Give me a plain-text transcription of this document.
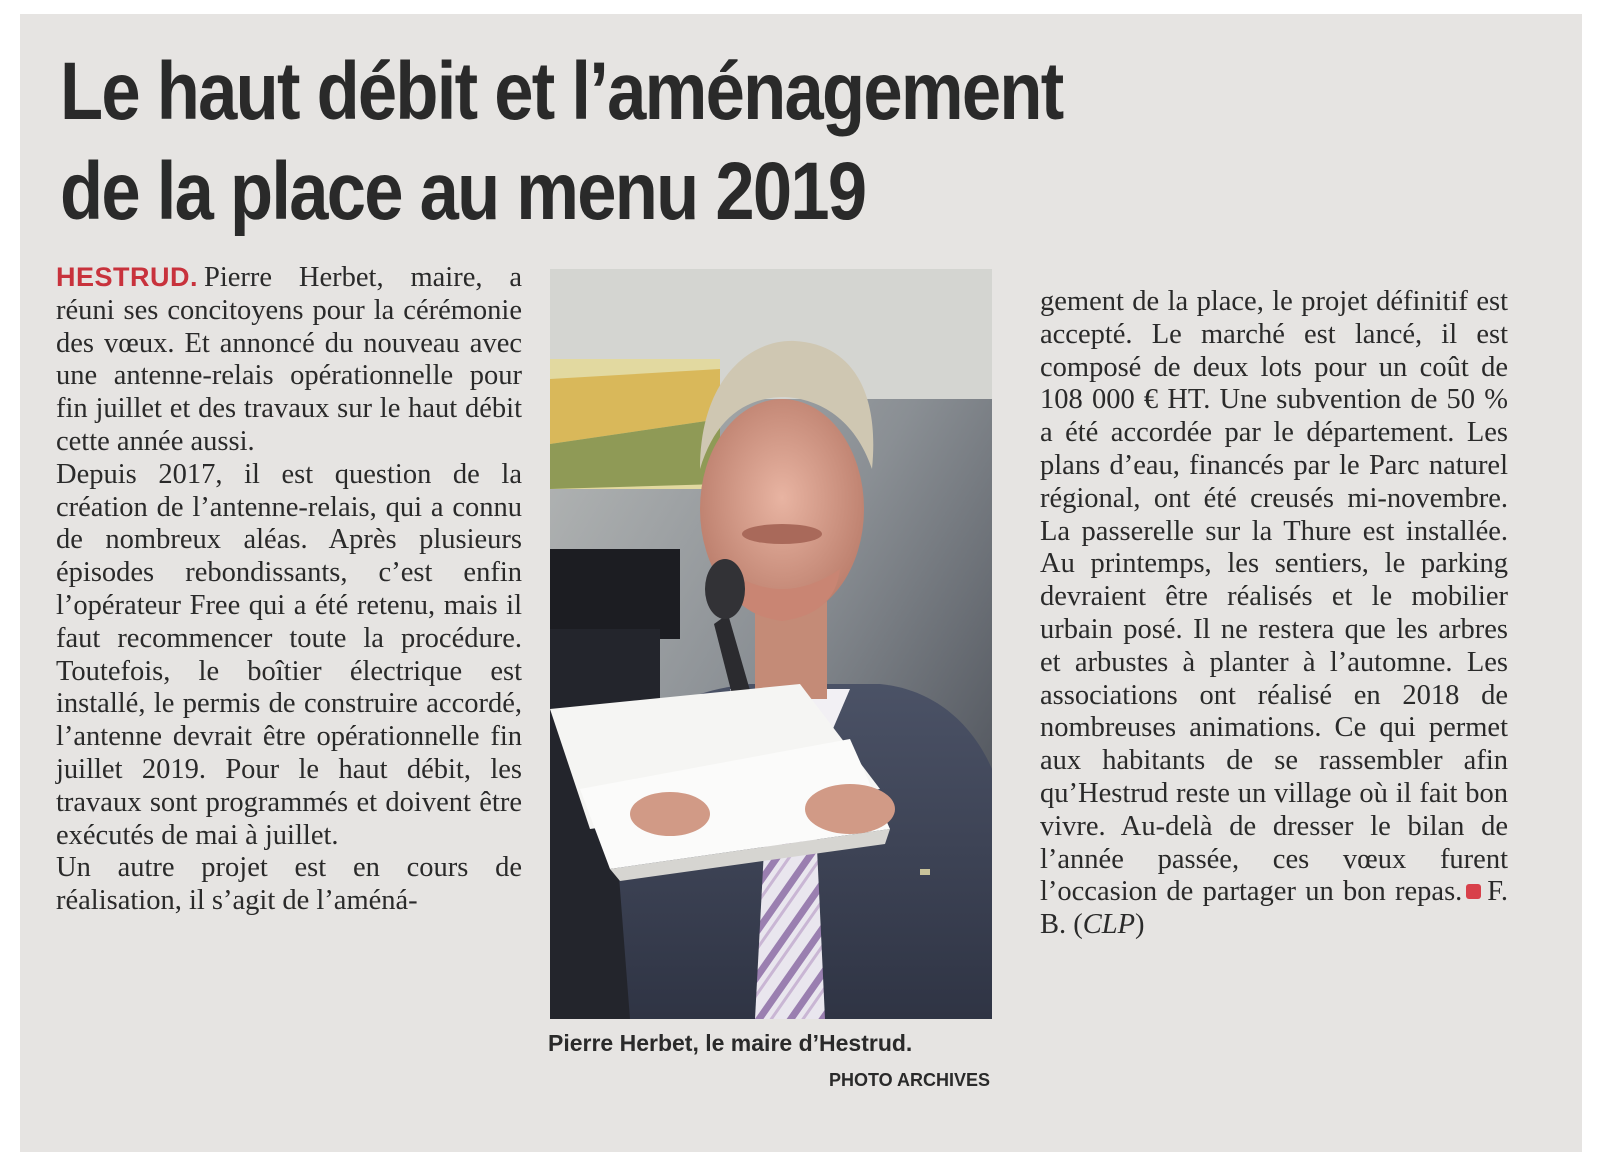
Le haut débit et l’aménagement
de la place au menu 2019

HESTRUD. Pierre Herbet, maire, a réuni ses concitoyens pour la cérémonie des vœux. Et annoncé du nouveau avec une antenne-relais opérationnelle pour fin juillet et des travaux sur le haut débit cette année aussi.

Depuis 2017, il est question de la création de l’antenne-relais, qui a connu de nombreux aléas. Après plusieurs épisodes rebondissants, c’est enfin l’opérateur Free qui a été retenu, mais il faut recommencer toute la procédure. Toutefois, le boîtier électrique est installé, le permis de construire accordé, l’antenne devrait être opérationnelle fin juillet 2019. Pour le haut débit, les travaux sont programmés et doivent être exécutés de mai à juillet.

Un autre projet est en cours de réalisation, il s’agit de l’améná-

Pierre Herbet, le maire d’Hestrud.

PHOTO ARCHIVES

gement de la place, le projet définitif est accepté. Le marché est lancé, il est composé de deux lots pour un coût de 108 000 € HT. Une subvention de 50 % a été accordée par le département. Les plans d’eau, financés par le Parc naturel régional, ont été creusés mi-novembre. La passerelle sur la Thure est installée. Au printemps, les sentiers, le parking devraient être réalisés et le mobilier urbain posé. Il ne restera que les arbres et arbustes à planter à l’automne. Les associations ont réalisé en 2018 de nombreuses animations. Ce qui permet aux habitants de se rassembler afin qu’Hestrud reste un village où il fait bon vivre. Au-delà de dresser le bilan de l’année passée, ces vœux furent l’occasion de partager un bon repas. F. B. (CLP)
